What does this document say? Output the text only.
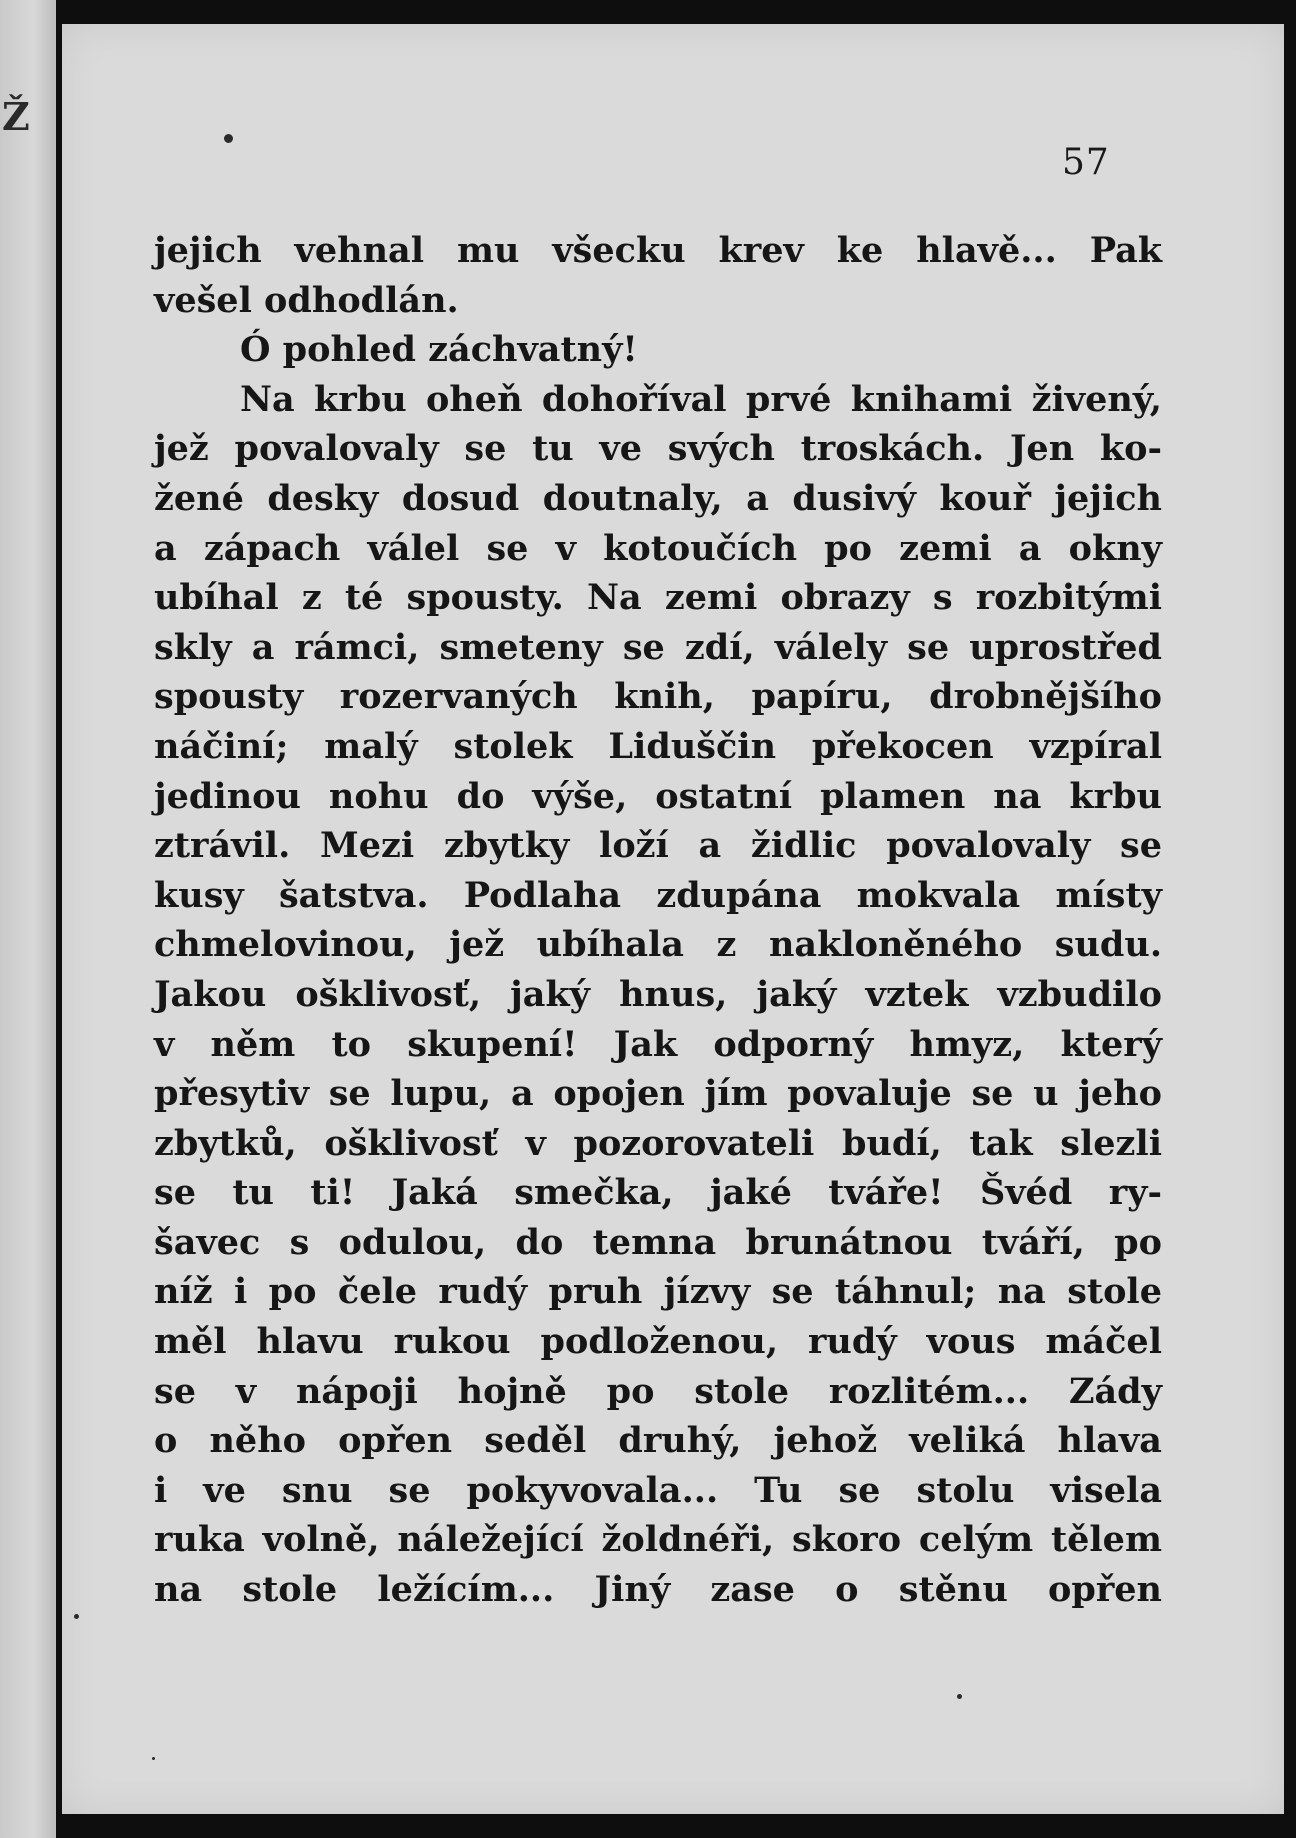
Ž
57
jejich vehnal mu všecku krev ke hlavě... Pak
vešel odhodlán.
Ó pohled záchvatný!
Na krbu oheň dohoříval prvé knihami živený,
jež povalovaly se tu ve svých troskách. Jen ko-
žené desky dosud doutnaly, a dusivý kouř jejich
a zápach válel se v kotoučích po zemi a okny
ubíhal z té spousty. Na zemi obrazy s rozbitými
skly a rámci, smeteny se zdí, válely se uprostřed
spousty rozervaných knih, papíru, drobnějšího
náčiní; malý stolek Liduščin překocen vzpíral
jedinou nohu do výše, ostatní plamen na krbu
ztrávil. Mezi zbytky loží a židlic povalovaly se
kusy šatstva. Podlaha zdupána mokvala místy
chmelovinou, jež ubíhala z nakloněného sudu.
Jakou ošklivosť, jaký hnus, jaký vztek vzbudilo
v něm to skupení! Jak odporný hmyz, který
přesytiv se lupu, a opojen jím povaluje se u jeho
zbytků, ošklivosť v pozorovateli budí, tak slezli
se tu ti! Jaká smečka, jaké tváře! Švéd ry-
šavec s odulou, do temna brunátnou tváří, po
níž i po čele rudý pruh jízvy se táhnul; na stole
měl hlavu rukou podloženou, rudý vous máčel
se v nápoji hojně po stole rozlitém... Zády
o něho opřen seděl druhý, jehož veliká hlava
i ve snu se pokyvovala... Tu se stolu visela
ruka volně, náležející žoldnéři, skoro celým tělem
na stole ležícím... Jiný zase o stěnu opřen
